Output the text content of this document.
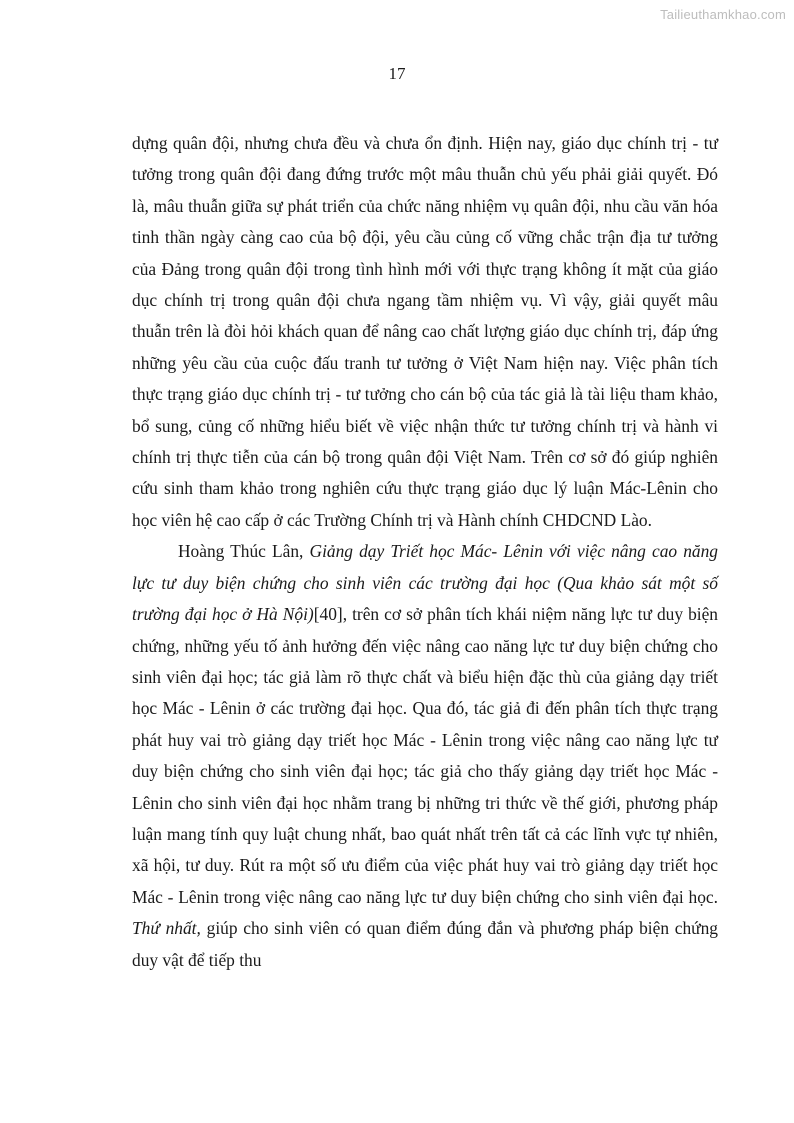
Tailieuthamkhao.com
17

dựng quân đội, nhưng chưa đều và chưa ổn định. Hiện nay, giáo dục chính trị - tư tưởng trong quân đội đang đứng trước một mâu thuẫn chủ yếu phải giải quyết. Đó là, mâu thuẫn giữa sự phát triển của chức năng nhiệm vụ quân đội, nhu cầu văn hóa tinh thần ngày càng cao của bộ đội, yêu cầu củng cố vững chắc trận địa tư tưởng của Đảng trong quân đội trong tình hình mới với thực trạng không ít mặt của giáo dục chính trị trong quân đội chưa ngang tầm nhiệm vụ. Vì vậy, giải quyết mâu thuẫn trên là đòi hỏi khách quan để nâng cao chất lượng giáo dục chính trị, đáp ứng những yêu cầu của cuộc đấu tranh tư tưởng ở Việt Nam hiện nay. Việc phân tích thực trạng giáo dục chính trị - tư tưởng cho cán bộ của tác giả là tài liệu tham khảo, bổ sung, củng cố những hiểu biết về việc nhận thức tư tưởng chính trị và hành vi chính trị thực tiễn của cán bộ trong quân đội Việt Nam. Trên cơ sở đó giúp nghiên cứu sinh tham khảo trong nghiên cứu thực trạng giáo dục lý luận Mác-Lênin cho học viên hệ cao cấp ở các Trường Chính trị và Hành chính CHDCND Lào.

Hoàng Thúc Lân, Giảng dạy Triết học Mác- Lênin với việc nâng cao năng lực tư duy biện chứng cho sinh viên các trường đại học (Qua khảo sát một số trường đại học ở Hà Nội)[40], trên cơ sở phân tích khái niệm năng lực tư duy biện chứng, những yếu tố ảnh hưởng đến việc nâng cao năng lực tư duy biện chứng cho sinh viên đại học; tác giả làm rõ thực chất và biểu hiện đặc thù của giảng dạy triết học Mác - Lênin ở các trường đại học. Qua đó, tác giả đi đến phân tích thực trạng phát huy vai trò giảng dạy triết học Mác - Lênin trong việc nâng cao năng lực tư duy biện chứng cho sinh viên đại học; tác giả cho thấy giảng dạy triết học Mác - Lênin cho sinh viên đại học nhằm trang bị những tri thức về thế giới, phương pháp luận mang tính quy luật chung nhất, bao quát nhất trên tất cả các lĩnh vực tự nhiên, xã hội, tư duy. Rút ra một số ưu điểm của việc phát huy vai trò giảng dạy triết học Mác - Lênin trong việc nâng cao năng lực tư duy biện chứng cho sinh viên đại học. Thứ nhất, giúp cho sinh viên có quan điểm đúng đắn và phương pháp biện chứng duy vật để tiếp thu
